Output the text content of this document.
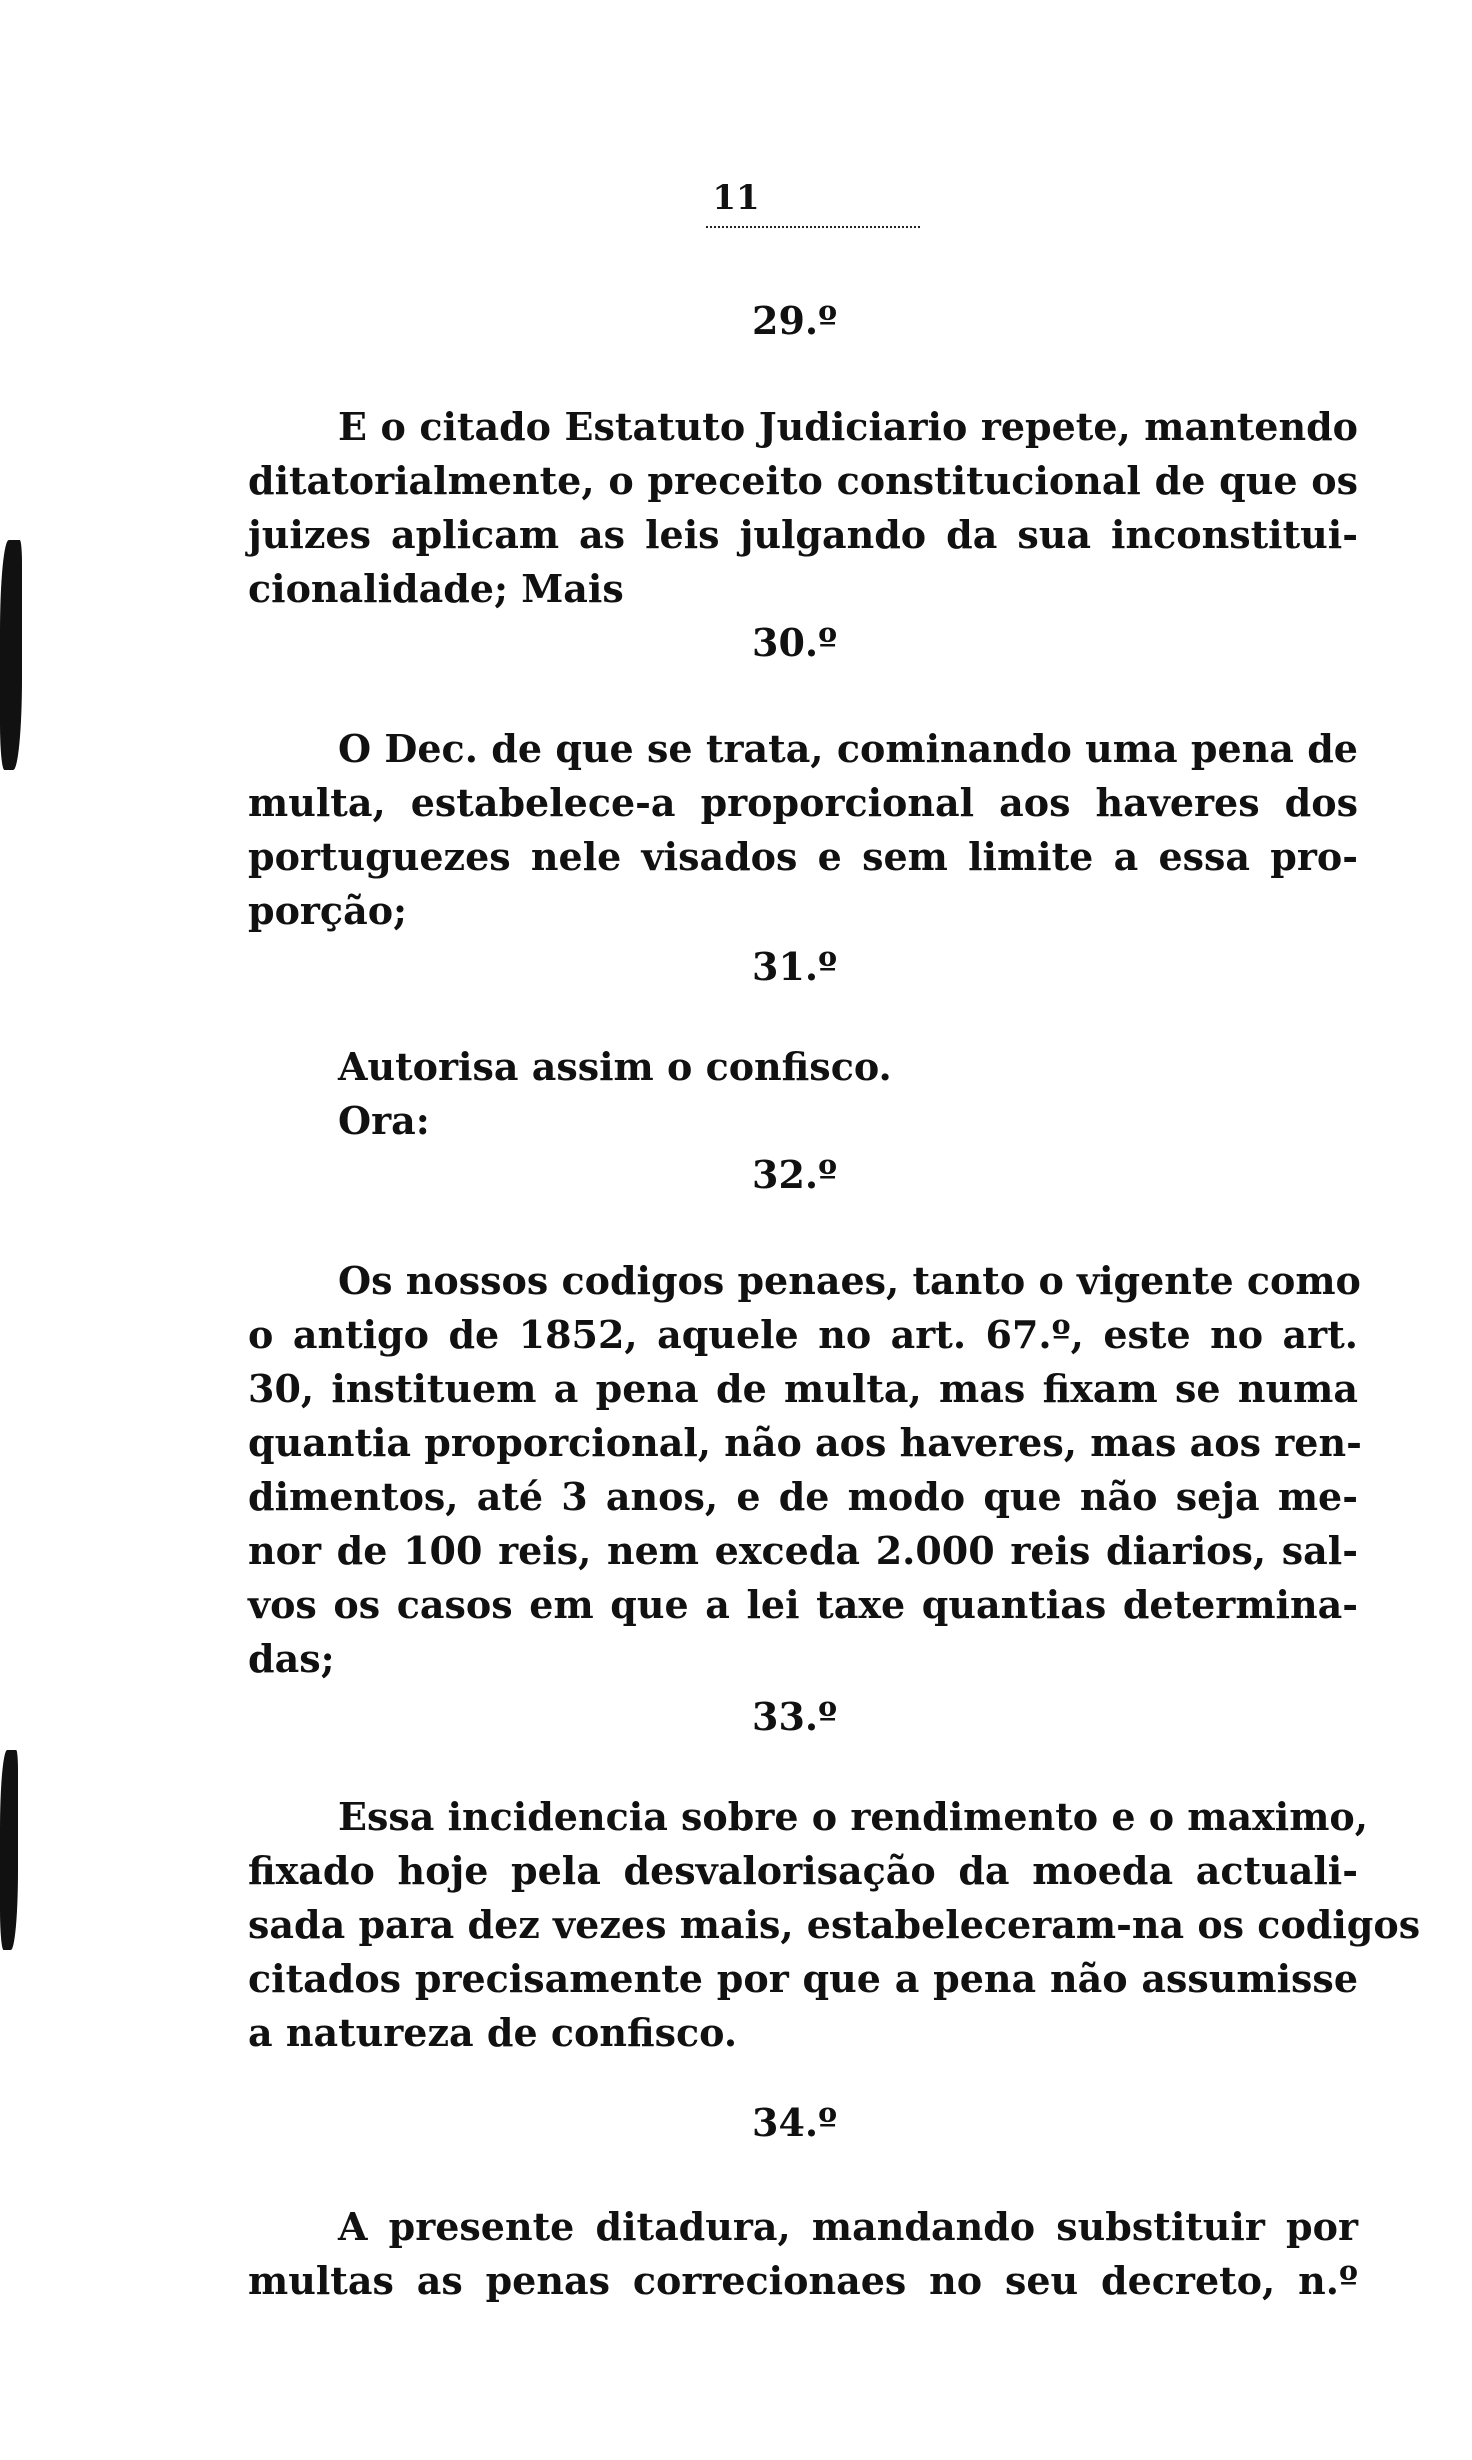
11
29.º
E o citado Estatuto Judiciario repete, mantendo
ditatorialmente, o preceito constitucional de que os
juizes aplicam as leis julgando da sua inconstitui-
cionalidade; Mais
30.º
O Dec. de que se trata, cominando uma pena de
multa, estabelece-a proporcional aos haveres dos
portuguezes nele visados e sem limite a essa pro-
porção;
31.º
Autorisa assim o confisco.
Ora:
32.º
Os nossos codigos penaes, tanto o vigente como
o antigo de 1852, aquele no art. 67.º, este no art.
30, instituem a pena de multa, mas fixam se numa
quantia proporcional, não aos haveres, mas aos ren-
dimentos, até 3 anos, e de modo que não seja me-
nor de 100 reis, nem exceda 2.000 reis diarios, sal-
vos os casos em que a lei taxe quantias determina-
das;
33.º
Essa incidencia sobre o rendimento e o maximo,
fixado hoje pela desvalorisação da moeda actuali-
sada para dez vezes mais, estabeleceram-na os codigos
citados precisamente por que a pena não assumisse
a natureza de confisco.
34.º
A presente ditadura, mandando substituir por
multas as penas correcionaes no seu decreto, n.º
